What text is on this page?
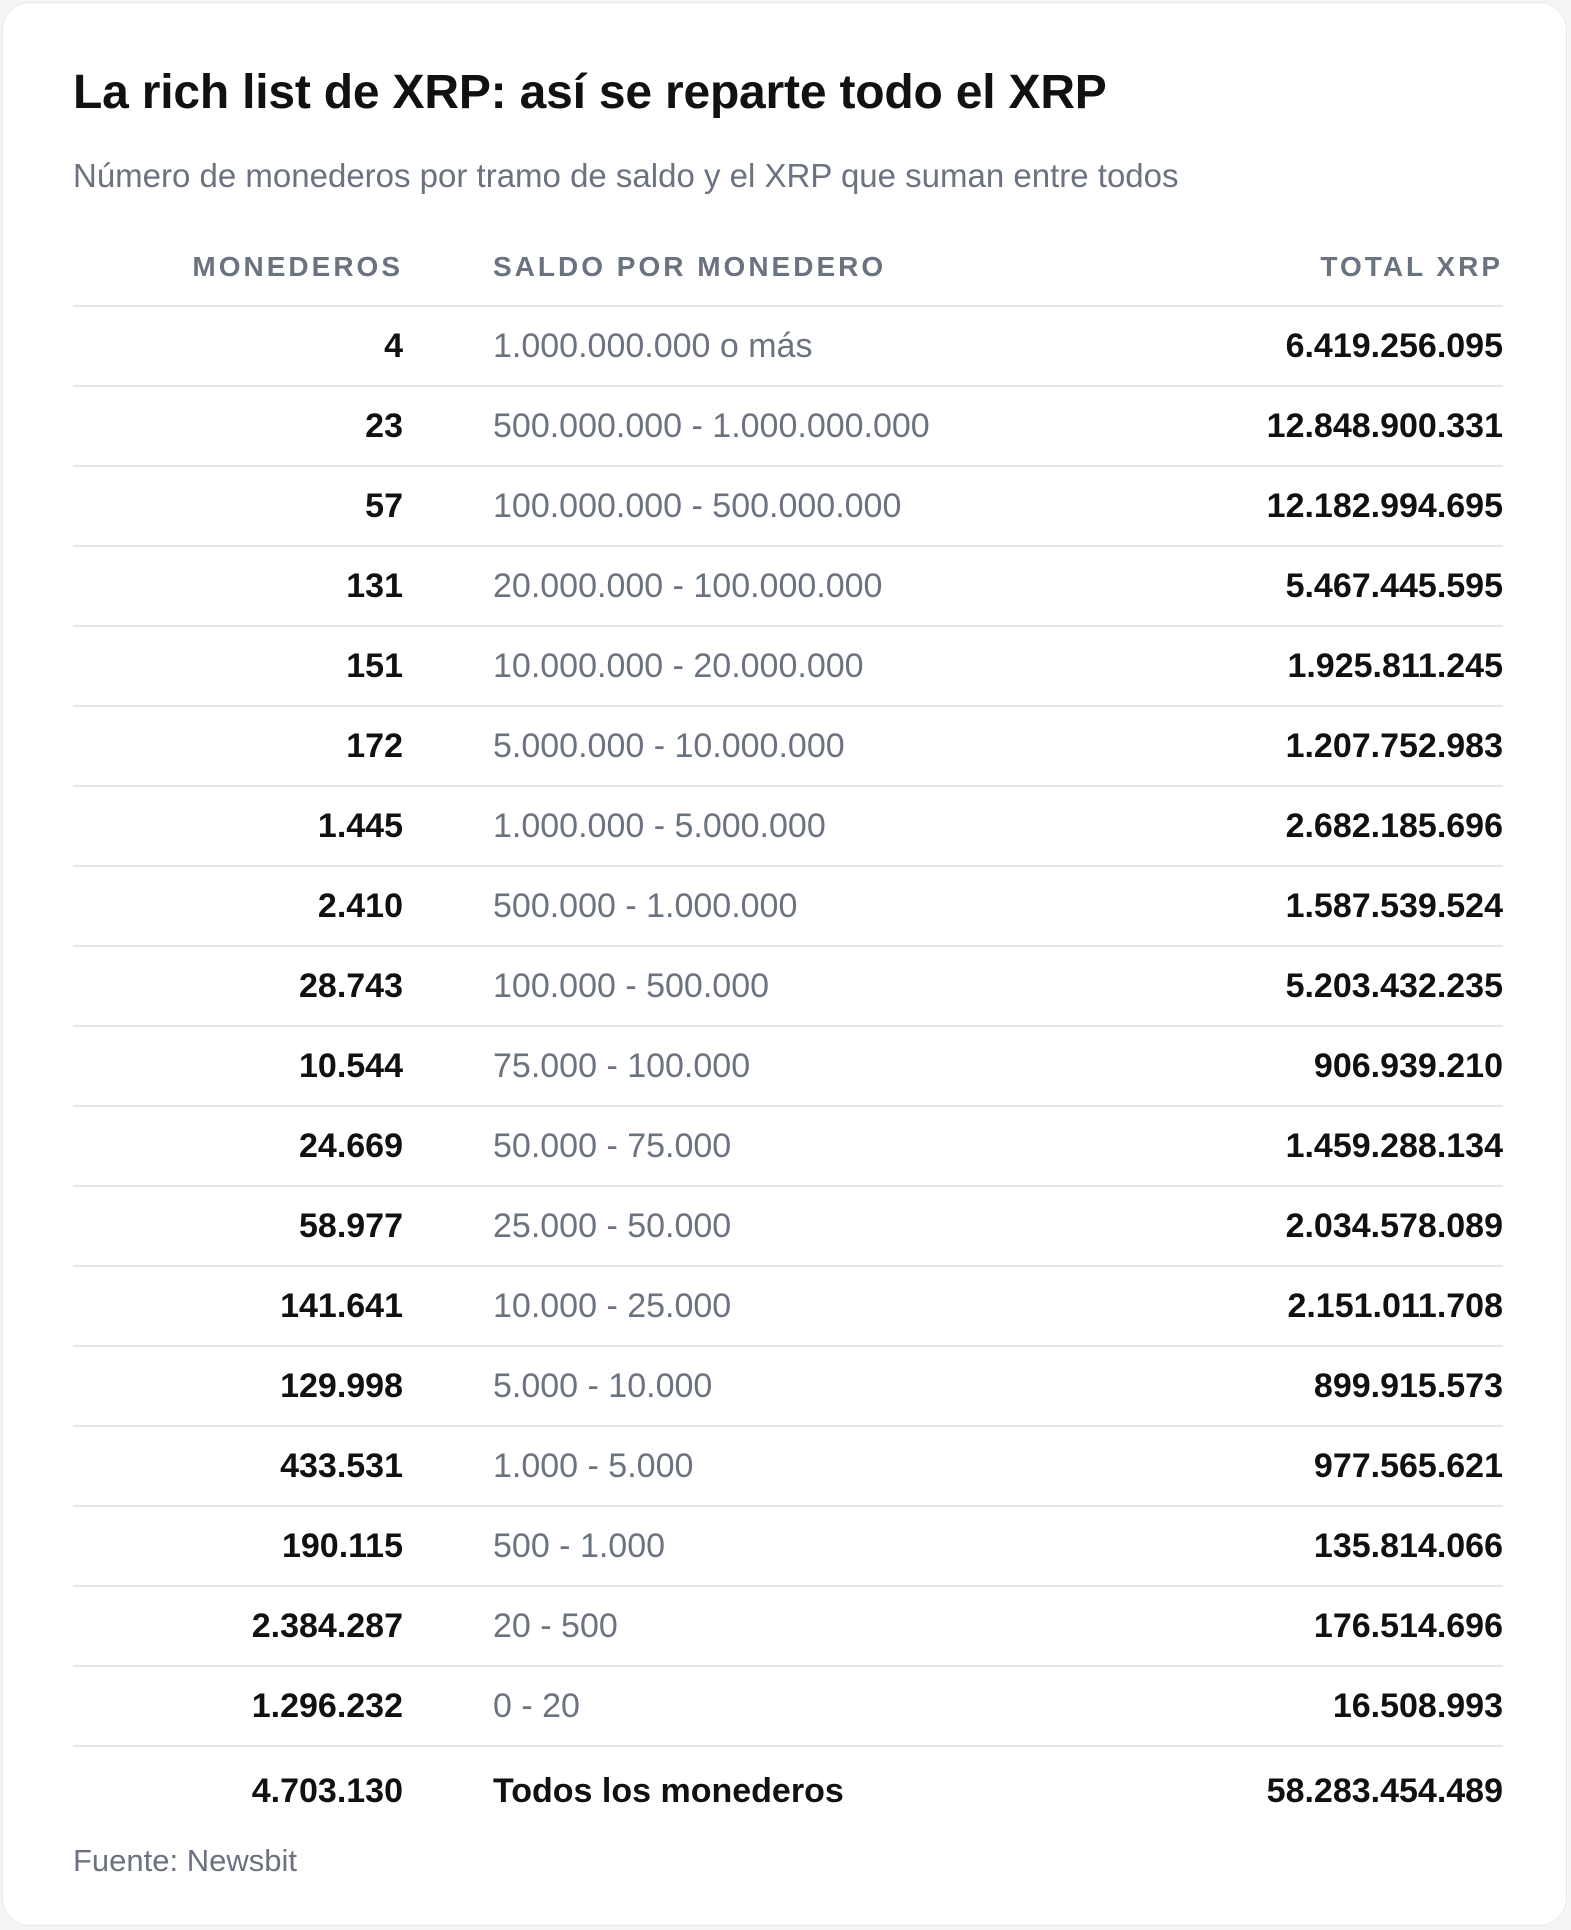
La rich list de XRP: así se reparte todo el XRP

Número de monederos por tramo de saldo y el XRP que suman entre todos

MONEDEROS	SALDO POR MONEDERO	TOTAL XRP
4	1.000.000.000 o más	6.419.256.095
23	500.000.000 - 1.000.000.000	12.848.900.331
57	100.000.000 - 500.000.000	12.182.994.695
131	20.000.000 - 100.000.000	5.467.445.595
151	10.000.000 - 20.000.000	1.925.811.245
172	5.000.000 - 10.000.000	1.207.752.983
1.445	1.000.000 - 5.000.000	2.682.185.696
2.410	500.000 - 1.000.000	1.587.539.524
28.743	100.000 - 500.000	5.203.432.235
10.544	75.000 - 100.000	906.939.210
24.669	50.000 - 75.000	1.459.288.134
58.977	25.000 - 50.000	2.034.578.089
141.641	10.000 - 25.000	2.151.011.708
129.998	5.000 - 10.000	899.915.573
433.531	1.000 - 5.000	977.565.621
190.115	500 - 1.000	135.814.066
2.384.287	20 - 500	176.514.696
1.296.232	0 - 20	16.508.993
4.703.130	Todos los monederos	58.283.454.489

Fuente: Newsbit
